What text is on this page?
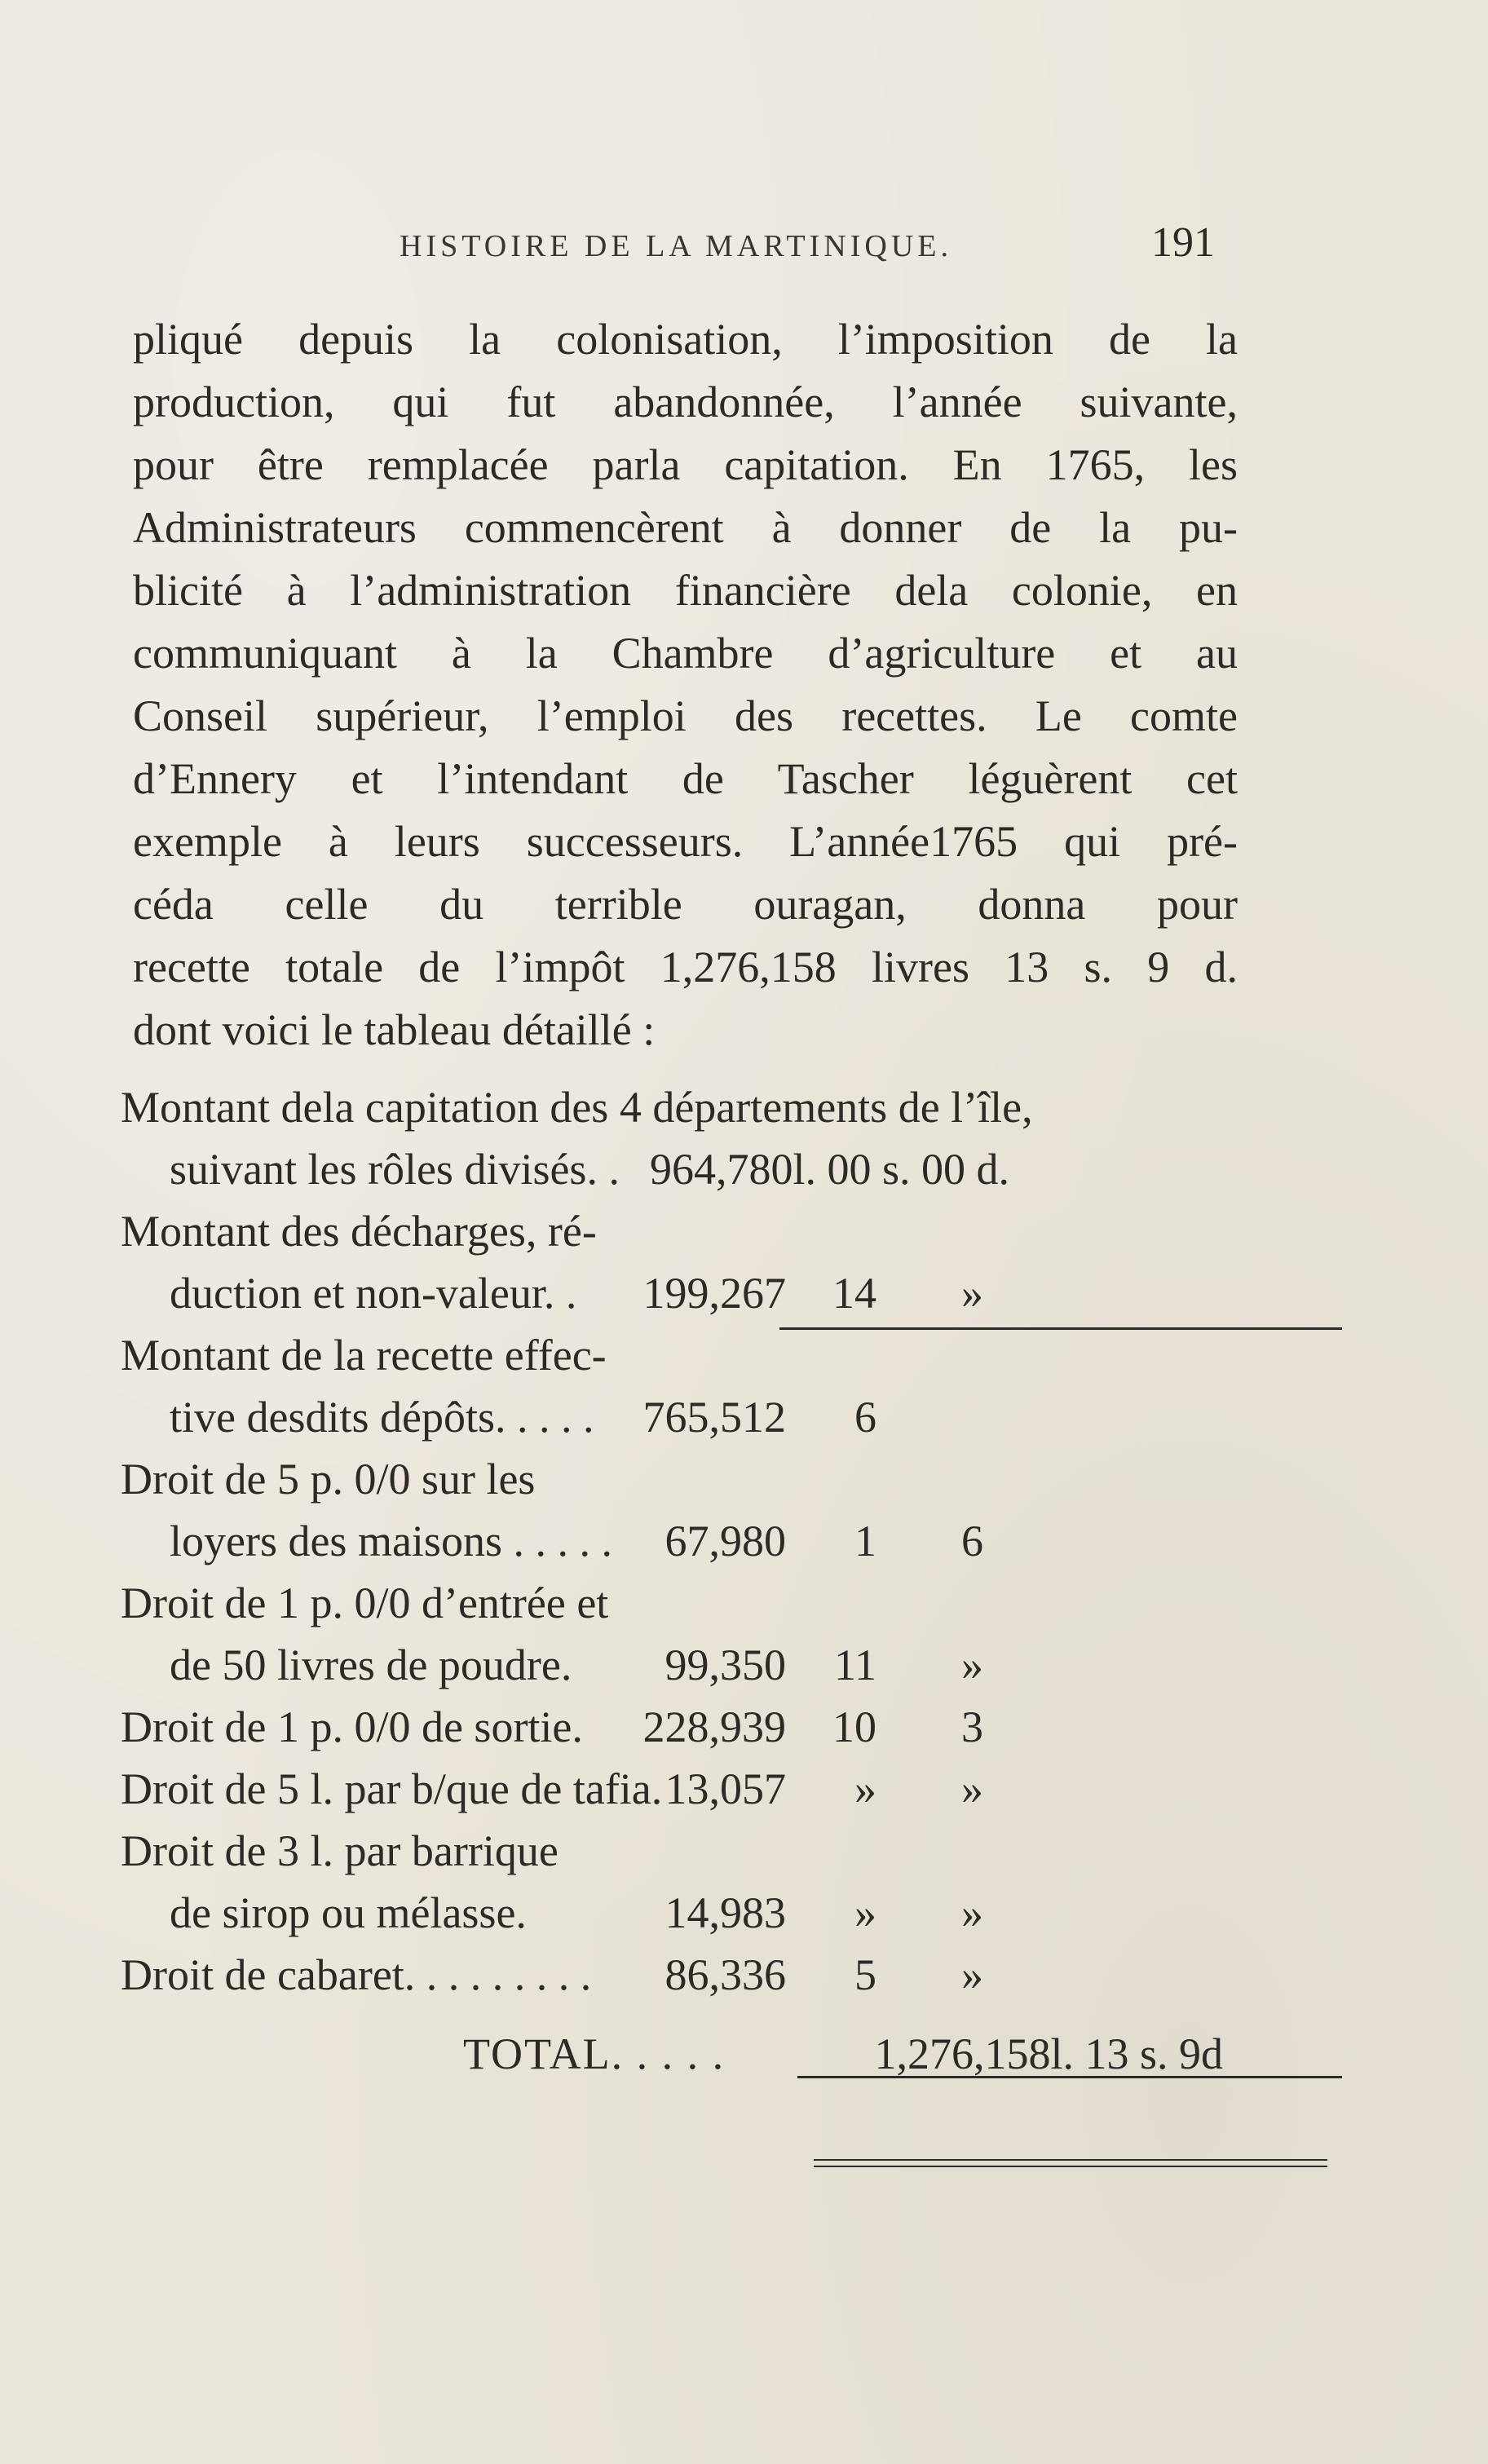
HISTOIRE DE LA MARTINIQUE.	191
pliqué depuis la colonisation, l’imposition de la
production, qui fut abandonnée, l’année suivante,
pour être remplacée parla capitation. En 1765, les
Administrateurs commencèrent à donner de la pu-
blicité à l’administration financière dela colonie, en
communiquant à la Chambre d’agriculture et au
Conseil supérieur, l’emploi des recettes. Le comte
d’Ennery et l’intendant de Tascher léguèrent cet
exemple à leurs successeurs. L’année1765 qui pré-
céda celle du terrible ouragan, donna pour
recette totale de l’impôt 1,276,158 livres 13 s. 9 d.
dont voici le tableau détaillé :
Montant dela capitation des 4 départements de l’île,
suivant les rôles divisés. . 964,780l. 00 s. 00 d.
Montant des décharges, ré-
duction et non-valeur. . 199,267 14 »
Montant de la recette effec-
tive desdits dépôts. . . . . 765,512 6
Droit de 5 p. 0/0 sur les
loyers des maisons . . . . . 67,980 1 6
Droit de 1 p. 0/0 d’entrée et
de 50 livres de poudre. 99,350 11 »
Droit de 1 p. 0/0 de sortie. 228,939 10 3
Droit de 5 l. par b/que de tafia. 13,057 » »
Droit de 3 l. par barrique
de sirop ou mélasse.	14,983 » »
Droit de cabaret. . . . . . . . . 86,336 5 »
TOTAL. . . . .	1,276,158l. 13 s. 9d
